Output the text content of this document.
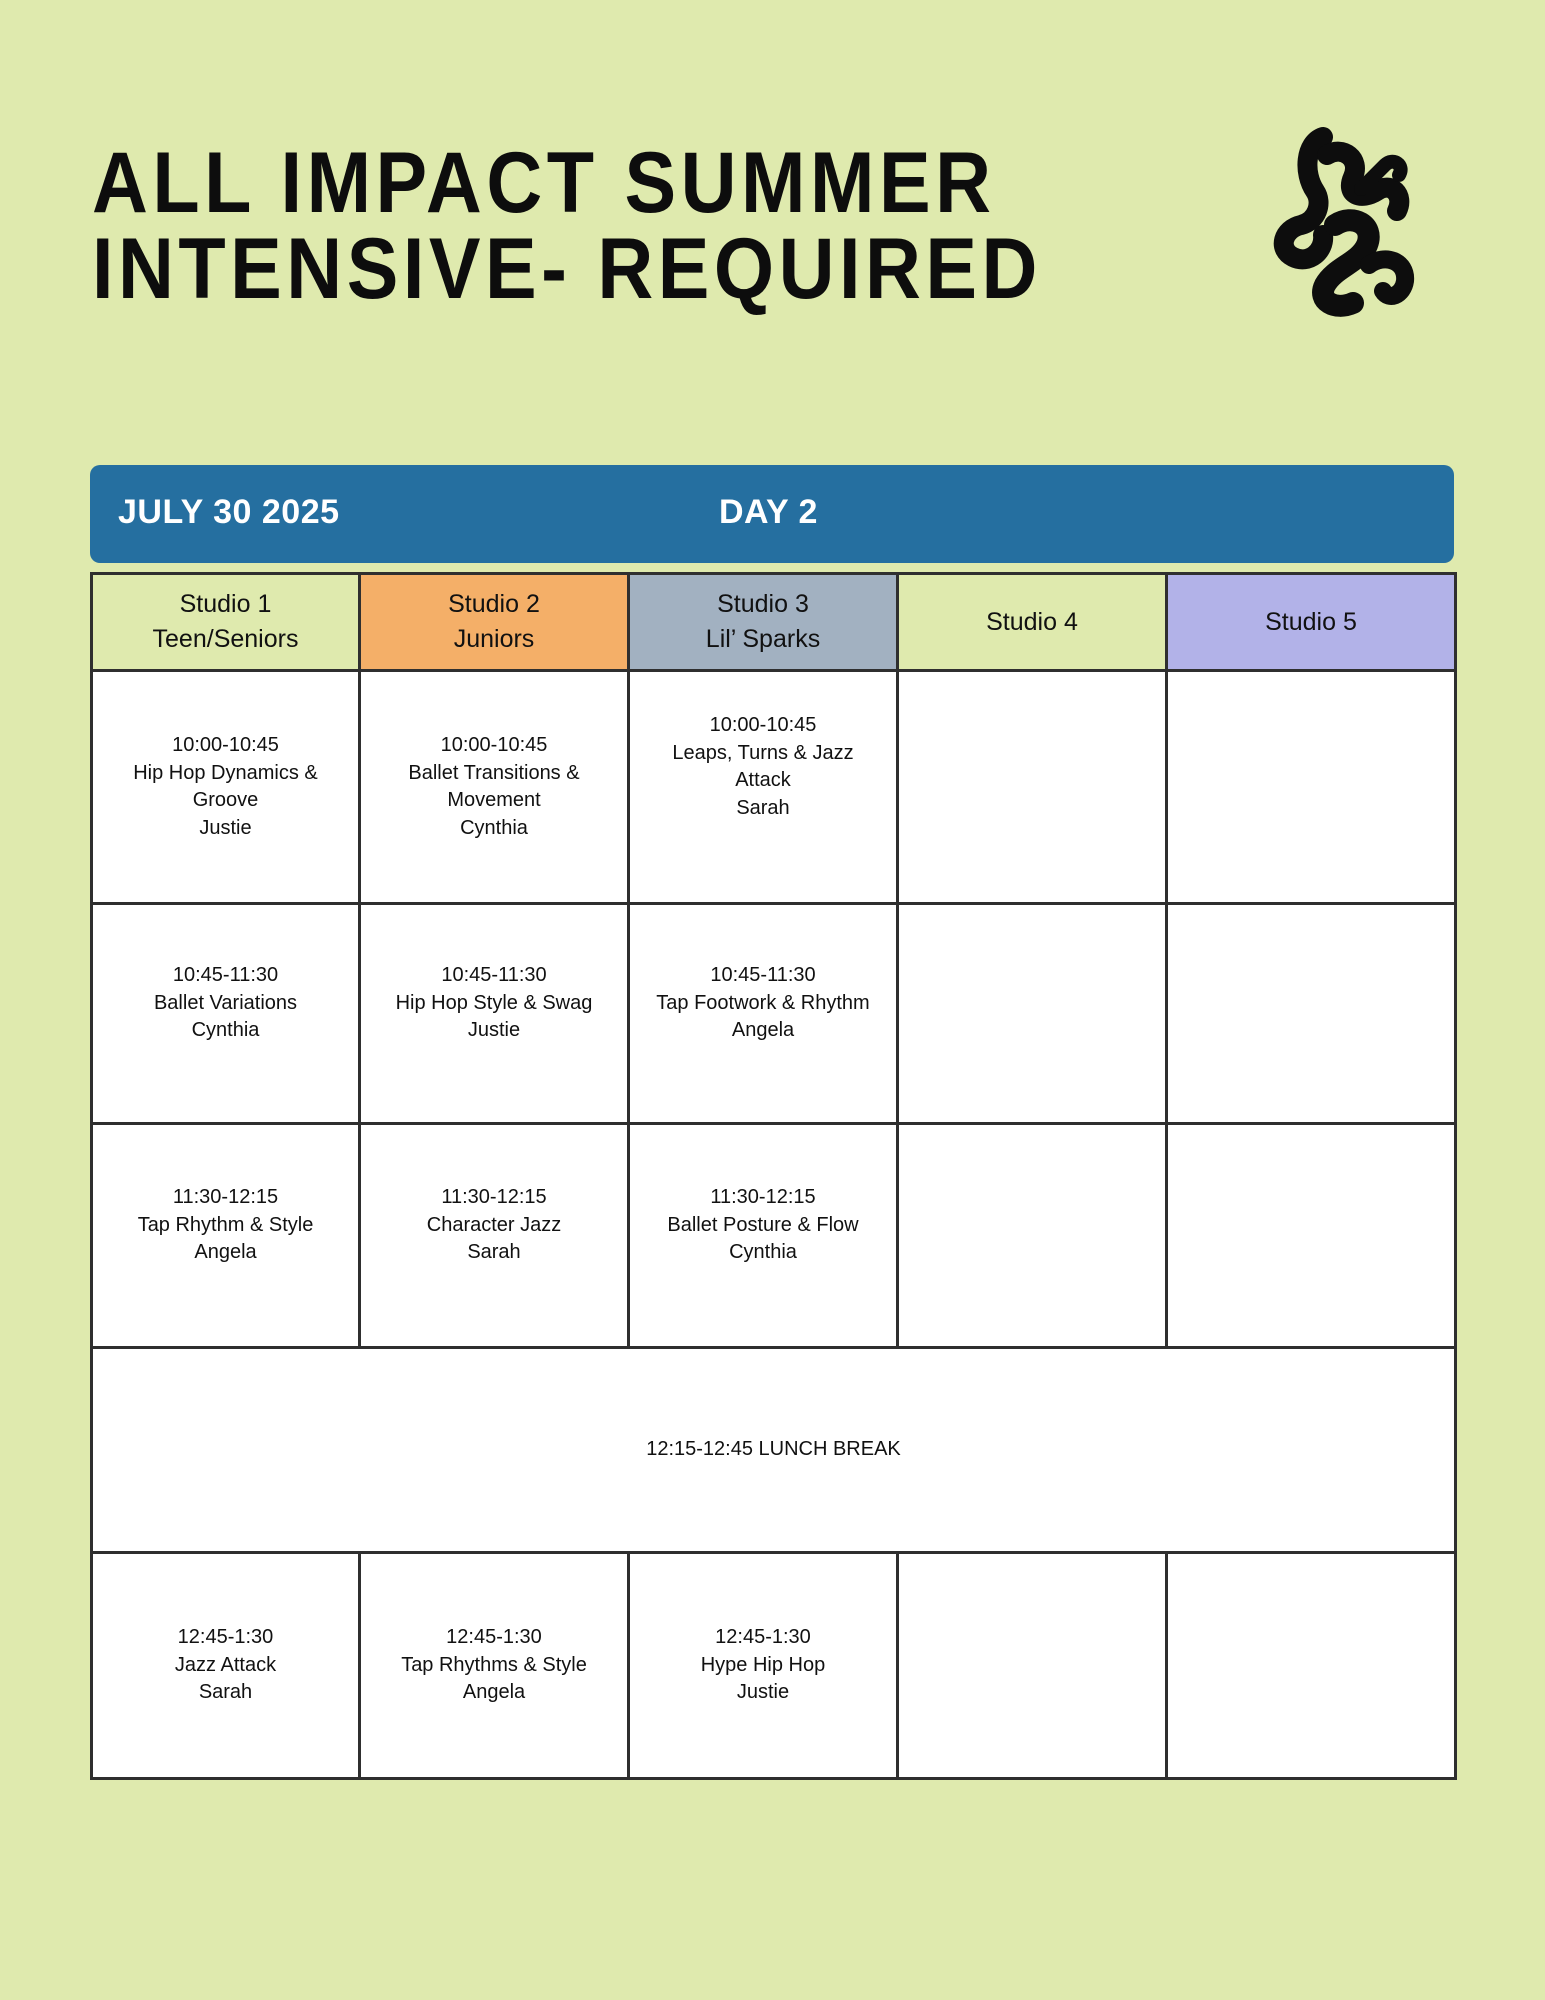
ALL IMPACT SUMMER
INTENSIVE- REQUIRED
JULY 30 2025	DAY 2
Studio 1
Teen/Seniors	Studio 2
Juniors	Studio 3
Lil’ Sparks	Studio 4	Studio 5

10:00-10:45
Hip Hop Dynamics &
Groove
Justie	10:00-10:45
Ballet Transitions &
Movement
Cynthia	10:00-10:45
Leaps, Turns & Jazz
Attack
Sarah		

10:45-11:30
Ballet Variations
Cynthia	10:45-11:30
Hip Hop Style & Swag
Justie	10:45-11:30
Tap Footwork & Rhythm
Angela		

11:30-12:15
Tap Rhythm & Style
Angela	11:30-12:15
Character Jazz
Sarah	11:30-12:15
Ballet Posture & Flow
Cynthia		

12:15-12:45 LUNCH BREAK				

12:45-1:30
Jazz Attack
Sarah	12:45-1:30
Tap Rhythms & Style
Angela	12:45-1:30
Hype Hip Hop
Justie		
